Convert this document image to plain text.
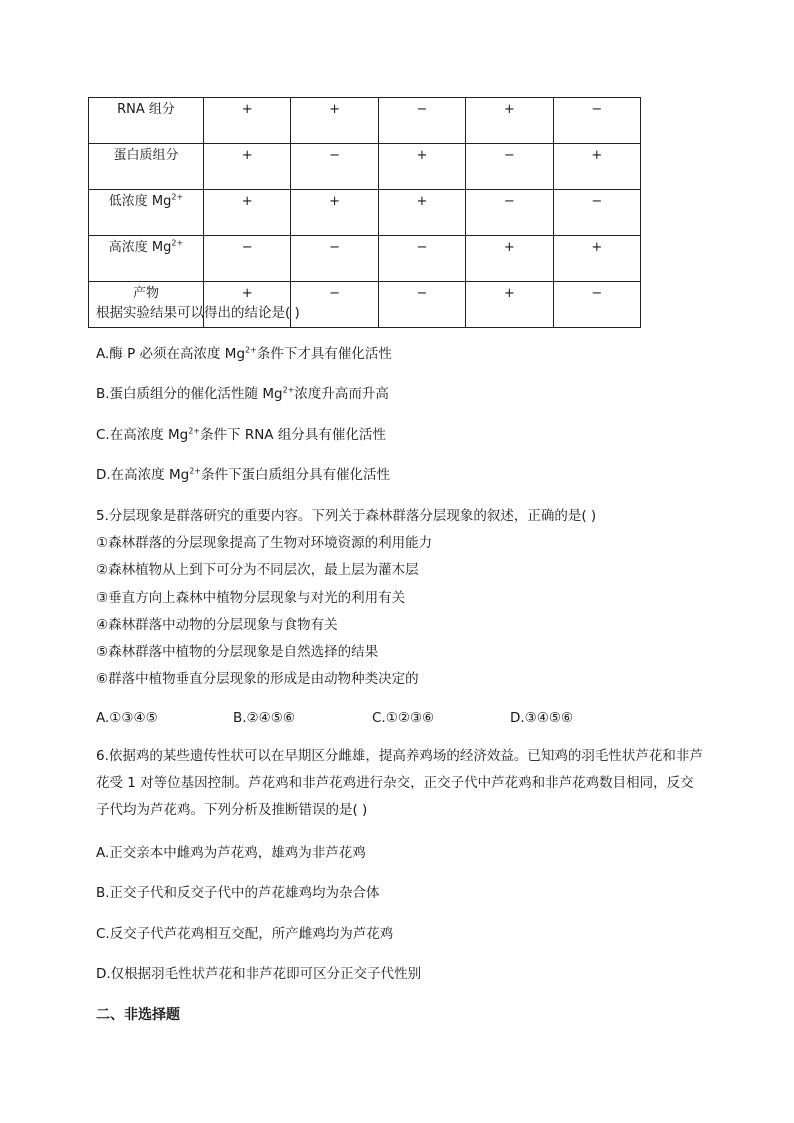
RNA 组分	+	+	−	+	−
蛋白质组分	+	−	+	−	+
低浓度 $Mg^{2+}$	+	+	+	−	−
高浓度 $Mg^{2+}$	−	−	−	+	+
产物	+	−	−	+	−
根据实验结果可以得出的结论是( )
A.酶 P 必须在高浓度 $Mg^{2+}$条件下才具有催化活性
B.蛋白质组分的催化活性随 $Mg^{2+}$浓度升高而升高
C.在高浓度 $Mg^{2+}$条件下 RNA 组分具有催化活性
D.在高浓度 $Mg^{2+}$条件下蛋白质组分具有催化活性
5.分层现象是群落研究的重要内容。下列关于森林群落分层现象的叙述，正确的是( )
①森林群落的分层现象提高了生物对环境资源的利用能力
②森林植物从上到下可分为不同层次，最上层为灌木层
③垂直方向上森林中植物分层现象与对光的利用有关
④森林群落中动物的分层现象与食物有关
⑤森林群落中植物的分层现象是自然选择的结果
⑥群落中植物垂直分层现象的形成是由动物种类决定的
A.①③④⑤	B.②④⑤⑥	C.①②③⑥	D.③④⑤⑥
6.依据鸡的某些遗传性状可以在早期区分雌雄，提高养鸡场的经济效益。已知鸡的羽毛性状芦花和非芦花受 1 对等位基因控制。芦花鸡和非芦花鸡进行杂交，正交子代中芦花鸡和非芦花鸡数目相同，反交子代均为芦花鸡。下列分析及推断错误的是( )
A.正交亲本中雌鸡为芦花鸡，雄鸡为非芦花鸡
B.正交子代和反交子代中的芦花雄鸡均为杂合体
C.反交子代芦花鸡相互交配，所产雌鸡均为芦花鸡
D.仅根据羽毛性状芦花和非芦花即可区分正交子代性别
二、非选择题
